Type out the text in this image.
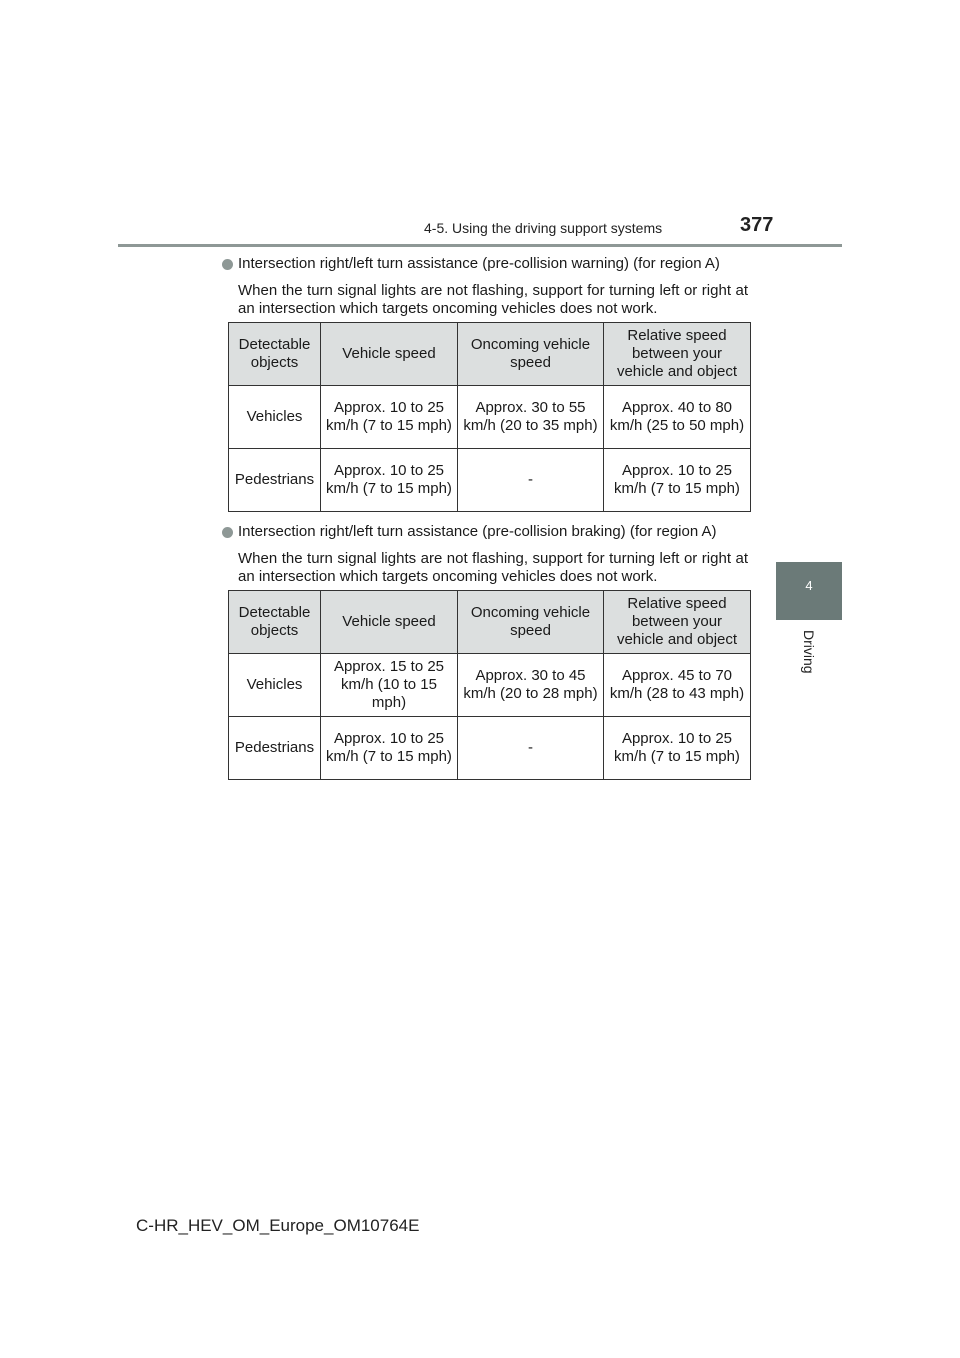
4-5. Using the driving support systems	377
4
Driving
Intersection right/left turn assistance (pre-collision warning) (for region A)
When the turn signal lights are not flashing, support for turning left or right at an intersection which targets oncoming vehicles does not work.
Detectable objects	Vehicle speed	Oncoming vehicle speed	Relative speed between your vehicle and object
Vehicles	Approx. 10 to 25 km/h (7 to 15 mph)	Approx. 30 to 55 km/h (20 to 35 mph)	Approx. 40 to 80 km/h (25 to 50 mph)
Pedestrians	Approx. 10 to 25 km/h (7 to 15 mph)	-	Approx. 10 to 25 km/h (7 to 15 mph)
Intersection right/left turn assistance (pre-collision braking) (for region A)
When the turn signal lights are not flashing, support for turning left or right at an intersection which targets oncoming vehicles does not work.
Detectable objects	Vehicle speed	Oncoming vehicle speed	Relative speed between your vehicle and object
Vehicles	Approx. 15 to 25 km/h (10 to 15 mph)	Approx. 30 to 45 km/h (20 to 28 mph)	Approx. 45 to 70 km/h (28 to 43 mph)
Pedestrians	Approx. 10 to 25 km/h (7 to 15 mph)	-	Approx. 10 to 25 km/h (7 to 15 mph)
C-HR_HEV_OM_Europe_OM10764E
